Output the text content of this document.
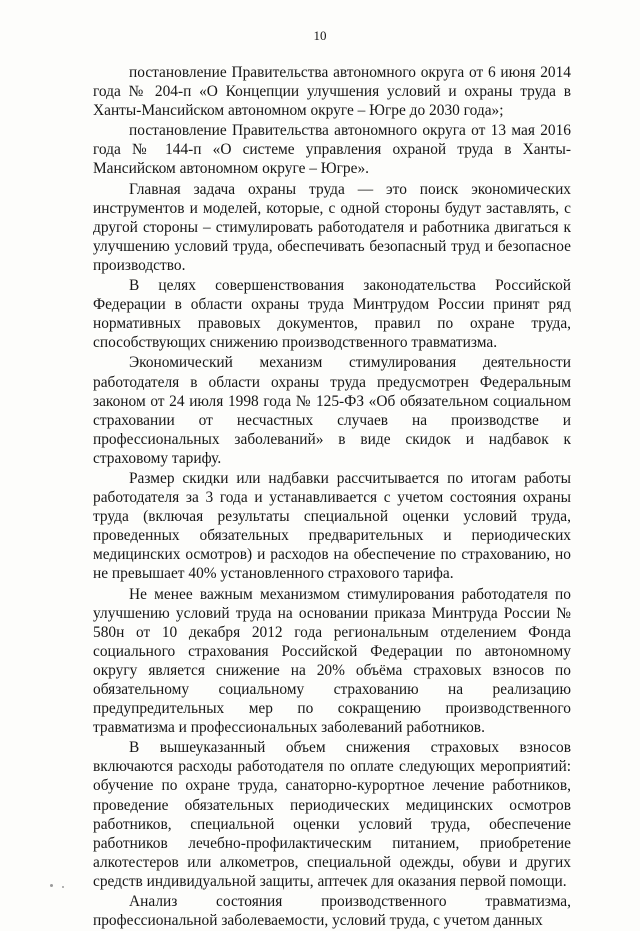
10

постановление Правительства автономного округа от 6 июня 2014 года № 204-п «О Концепции улучшения условий и охраны труда в Ханты-Мансийском автономном округе – Югре до 2030 года»;

постановление Правительства автономного округа от 13 мая 2016 года № 144-п «О системе управления охраной труда в Ханты-Мансийском автономном округе – Югре».

Главная задача охраны труда — это поиск экономических инструментов и моделей, которые, с одной стороны будут заставлять, с другой стороны – стимулировать работодателя и работника двигаться к улучшению условий труда, обеспечивать безопасный труд и безопасное производство.

В целях совершенствования законодательства Российской Федерации в области охраны труда Минтрудом России принят ряд нормативных правовых документов, правил по охране труда, способствующих снижению производственного травматизма.

Экономический механизм стимулирования деятельности работодателя в области охраны труда предусмотрен Федеральным законом от 24 июля 1998 года № 125-ФЗ «Об обязательном социальном страховании от несчастных случаев на производстве и профессиональных заболеваний» в виде скидок и надбавок к страховому тарифу.

Размер скидки или надбавки рассчитывается по итогам работы работодателя за 3 года и устанавливается с учетом состояния охраны труда (включая результаты специальной оценки условий труда, проведенных обязательных предварительных и периодических медицинских осмотров) и расходов на обеспечение по страхованию, но не превышает 40% установленного страхового тарифа.

Не менее важным механизмом стимулирования работодателя по улучшению условий труда на основании приказа Минтруда России № 580н от 10 декабря 2012 года региональным отделением Фонда социального страхования Российской Федерации по автономному округу является снижение на 20% объёма страховых взносов по обязательному социальному страхованию на реализацию предупредительных мер по сокращению производственного травматизма и профессиональных заболеваний работников.

В вышеуказанный объем снижения страховых взносов включаются расходы работодателя по оплате следующих мероприятий: обучение по охране труда, санаторно-курортное лечение работников, проведение обязательных периодических медицинских осмотров работников, специальной оценки условий труда, обеспечение работников лечебно-профилактическим питанием, приобретение алкотестеров или алкометров, специальной одежды, обуви и других средств индивидуальной защиты, аптечек для оказания первой помощи.

Анализ состояния производственного травматизма, профессиональной заболеваемости, условий труда, с учетом данных
